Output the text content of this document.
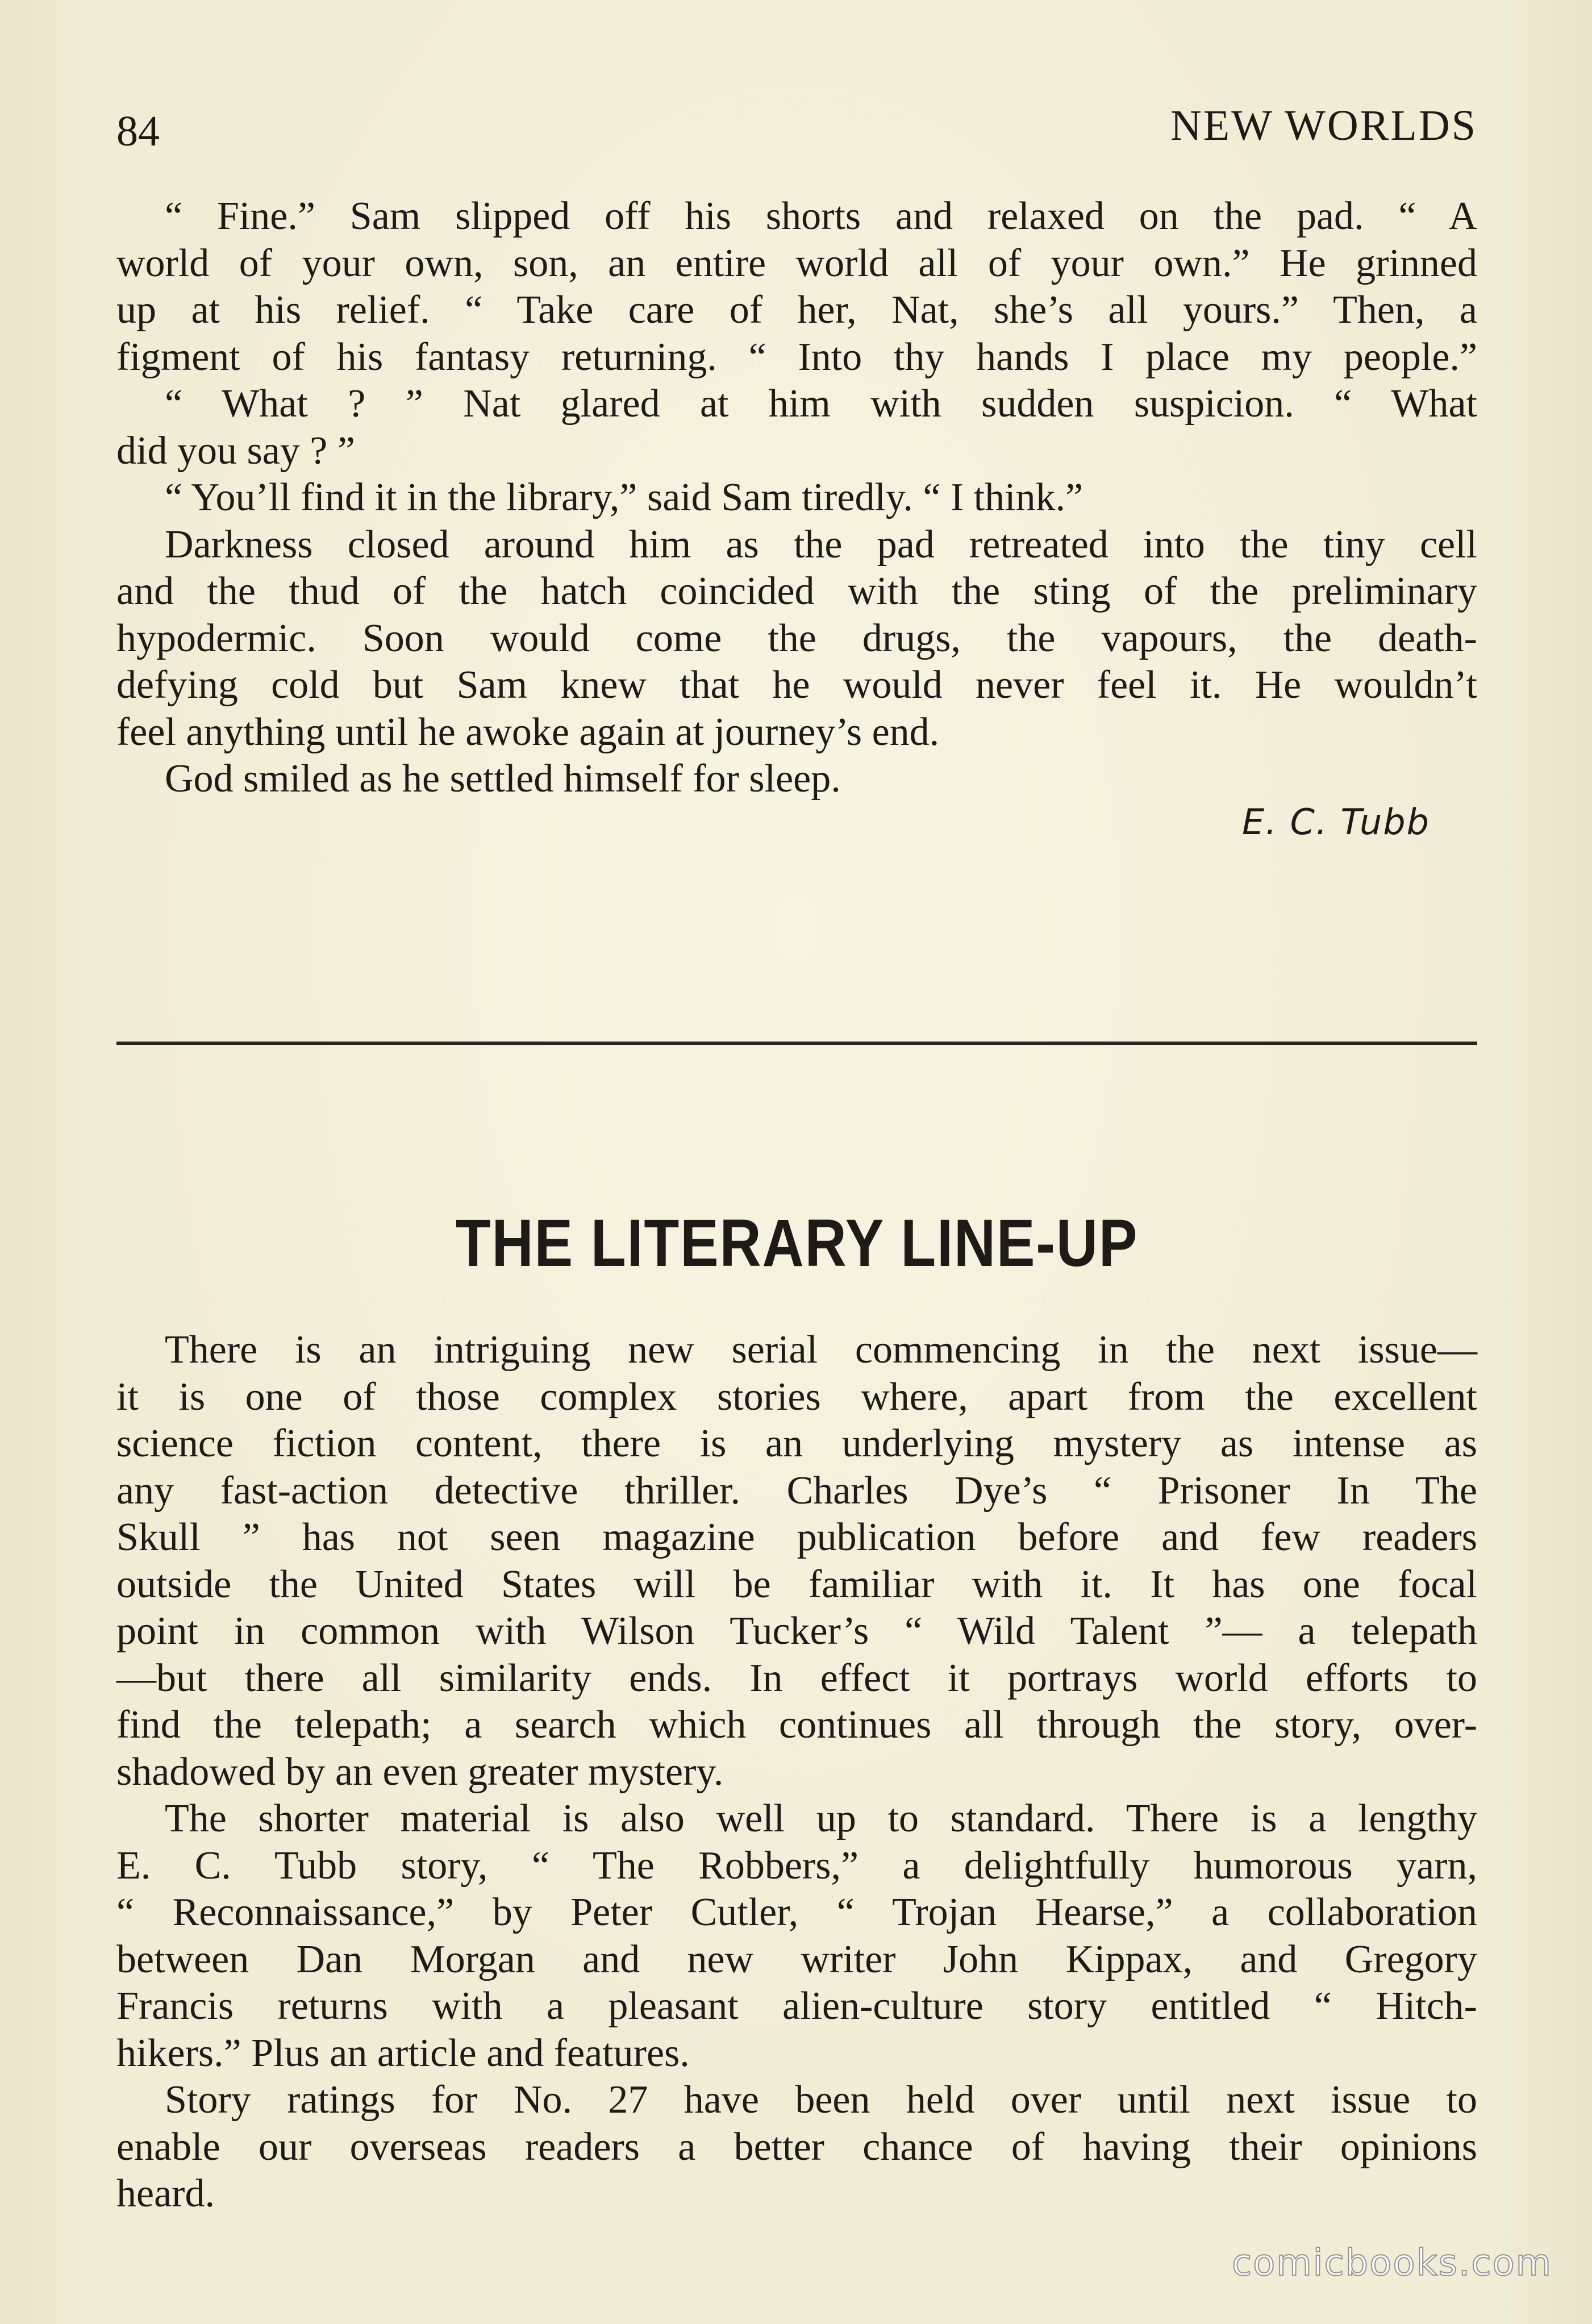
84	NEW WORLDS
“ Fine.” Sam slipped off his shorts and relaxed on the pad. “ A
world of your own, son, an entire world all of your own.” He grinned
up at his relief. “ Take care of her, Nat, she’s all yours.” Then, a
figment of his fantasy returning. “ Into thy hands I place my people.”
“ What ? ” Nat glared at him with sudden suspicion. “ What
did you say ? ”
“ You’ll find it in the library,” said Sam tiredly. “ I think.”
Darkness closed around him as the pad retreated into the tiny cell
and the thud of the hatch coincided with the sting of the preliminary
hypodermic. Soon would come the drugs, the vapours, the death-
defying cold but Sam knew that he would never feel it. He wouldn’t
feel anything until he awoke again at journey’s end.
God smiled as he settled himself for sleep.
E. C. Tubb
THE LITERARY LINE-UP
There is an intriguing new serial commencing in the next issue—
it is one of those complex stories where, apart from the excellent
science fiction content, there is an underlying mystery as intense as
any fast-action detective thriller. Charles Dye’s “ Prisoner In The
Skull ” has not seen magazine publication before and few readers
outside the United States will be familiar with it. It has one focal
point in common with Wilson Tucker’s “ Wild Talent ”— a telepath
—but there all similarity ends. In effect it portrays world efforts to
find the telepath; a search which continues all through the story, over-
shadowed by an even greater mystery.
The shorter material is also well up to standard. There is a lengthy
E. C. Tubb story, “ The Robbers,” a delightfully humorous yarn,
“ Reconnaissance,” by Peter Cutler, “ Trojan Hearse,” a collaboration
between Dan Morgan and new writer John Kippax, and Gregory
Francis returns with a pleasant alien-culture story entitled “ Hitch-
hikers.” Plus an article and features.
Story ratings for No. 27 have been held over until next issue to
enable our overseas readers a better chance of having their opinions
heard.
comicbooks.com
